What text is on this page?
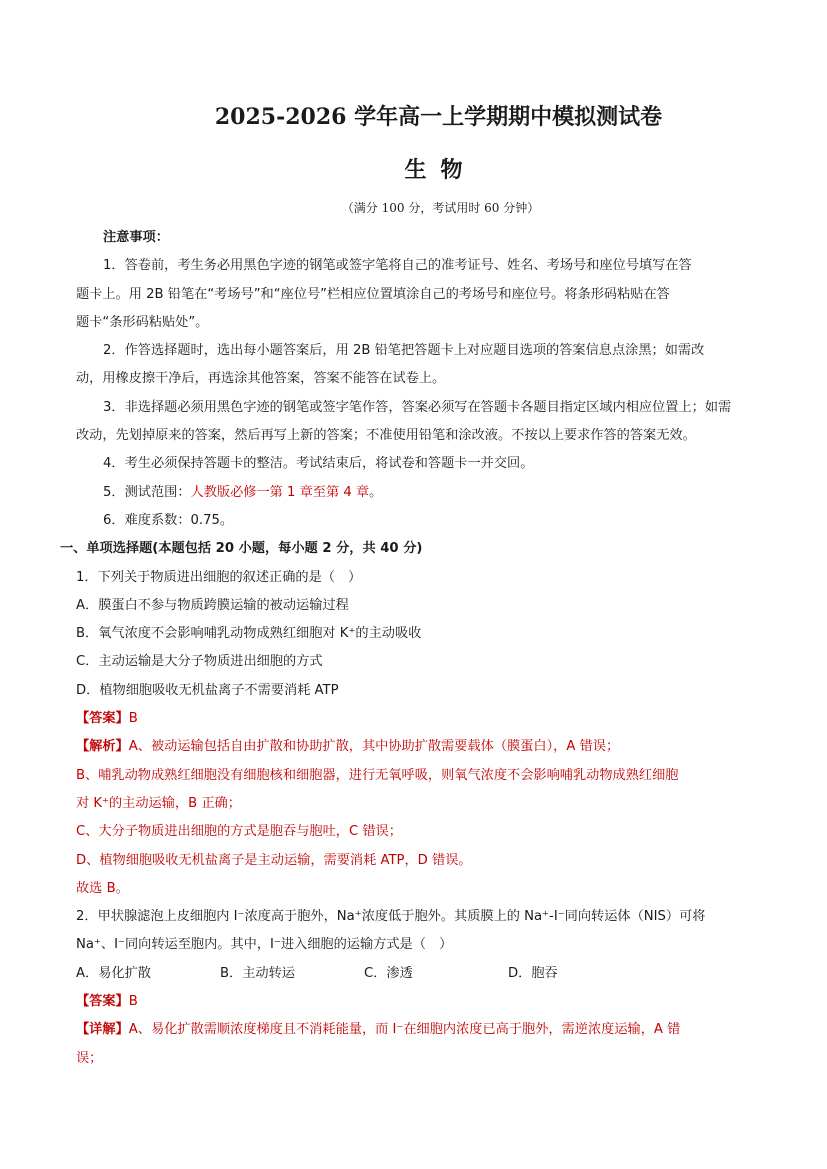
2025-2026 学年高一上学期期中模拟测试卷
生物
（满分 100 分，考试用时 60 分钟）
注意事项：
1．答卷前，考生务必用黑色字迹的钢笔或签字笔将自己的准考证号、姓名、考场号和座位号填写在答
题卡上。用 2B 铅笔在“考场号”和“座位号”栏相应位置填涂自己的考场号和座位号。将条形码粘贴在答
题卡“条形码粘贴处”。
2．作答选择题时，选出每小题答案后，用 2B 铅笔把答题卡上对应题目选项的答案信息点涂黑；如需改
动，用橡皮擦干净后，再选涂其他答案，答案不能答在试卷上。
3．非选择题必须用黑色字迹的钢笔或签字笔作答，答案必须写在答题卡各题目指定区域内相应位置上；如需
改动，先划掉原来的答案，然后再写上新的答案；不准使用铅笔和涂改液。不按以上要求作答的答案无效。
4．考生必须保持答题卡的整洁。考试结束后，将试卷和答题卡一并交回。
5．测试范围：人教版必修一第 1 章至第 4 章。
6．难度系数：0.75。
一、单项选择题(本题包括 20 小题，每小题 2 分，共 40 分)
1．下列关于物质进出细胞的叙述正确的是（　）
A．膜蛋白不参与物质跨膜运输的被动运输过程
B．氧气浓度不会影响哺乳动物成熟红细胞对 K⁺的主动吸收
C．主动运输是大分子物质进出细胞的方式
D．植物细胞吸收无机盐离子不需要消耗 ATP
【答案】B
【解析】A、被动运输包括自由扩散和协助扩散，其中协助扩散需要载体（膜蛋白），A 错误；
B、哺乳动物成熟红细胞没有细胞核和细胞器，进行无氧呼吸，则氧气浓度不会影响哺乳动物成熟红细胞
对 K⁺的主动运输，B 正确；
C、大分子物质进出细胞的方式是胞吞与胞吐，C 错误；
D、植物细胞吸收无机盐离子是主动运输，需要消耗 ATP，D 错误。
故选 B。
2．甲状腺滤泡上皮细胞内 I⁻浓度高于胞外，Na⁺浓度低于胞外。其质膜上的 Na⁺-I⁻同向转运体（NIS）可将
Na⁺、I⁻同向转运至胞内。其中，I⁻进入细胞的运输方式是（　）
A．易化扩散	B．主动转运	C．渗透	D．胞吞
【答案】B
【详解】A、易化扩散需顺浓度梯度且不消耗能量，而 I⁻在细胞内浓度已高于胞外，需逆浓度运输，A 错
误；
